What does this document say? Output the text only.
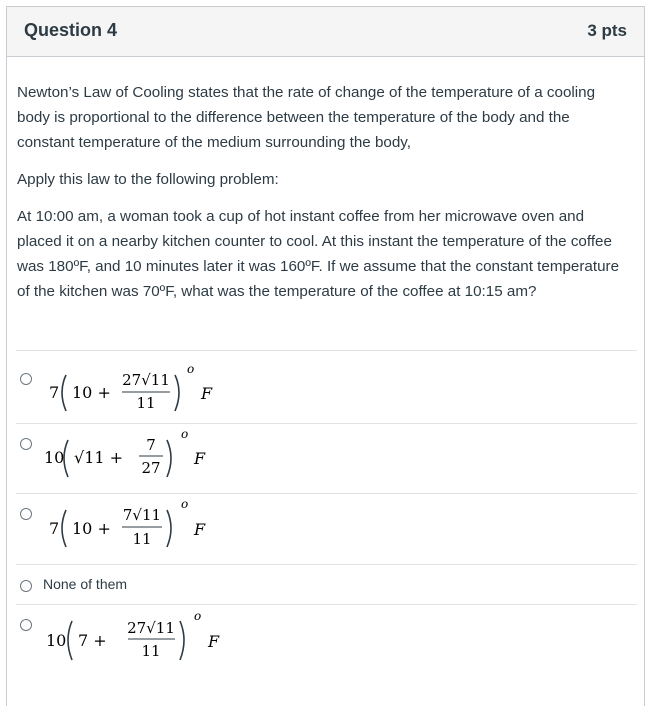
Question 4	3 pts

Newton’s Law of Cooling states that the rate of change of the temperature of a cooling body is proportional to the difference between the temperature of the body and the constant temperature of the medium surrounding the body,

Apply this law to the following problem:

At 10:00 am, a woman took a cup of hot instant coffee from her microwave oven and placed it on a nearby kitchen counter to cool. At this instant the temperature of the coffee was 180ºF, and 10 minutes later it was 160ºF. If we assume that the constant temperature of the kitchen was 70ºF, what was the temperature of the coffee at 10:15 am?

7 10 +
27√11
11
o
F
10 √11 +
7
27
o
F
7 10 +
7√11
11
o
F
None of them
10 7 +
27√11
11
o
F
